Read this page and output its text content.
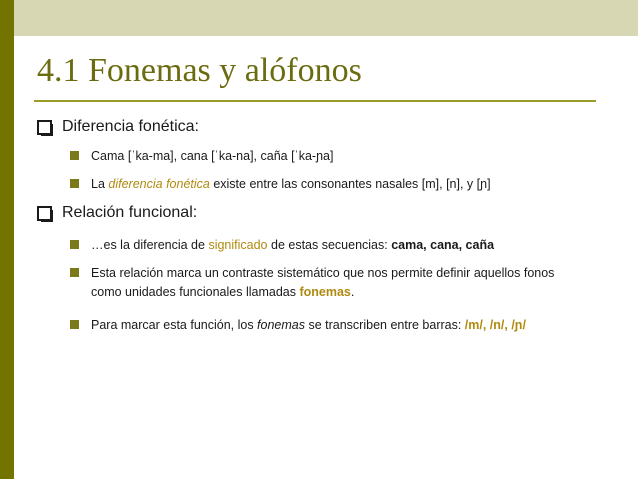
4.1 Fonemas y alófonos
Diferencia fonética:
Cama [ˈka-ma], cana [ˈka-na], caña [ˈka-ɲa]
La diferencia fonética existe entre las consonantes nasales [m], [n], y [ɲ]
Relación funcional:
…es la diferencia de significado de estas secuencias: cama, cana, caña
Esta relación marca un contraste sistemático que nos permite definir aquellos fonos como unidades funcionales llamadas fonemas.
Para marcar esta función, los fonemas se transcriben entre barras: /m/, /n/, /ɲ/
